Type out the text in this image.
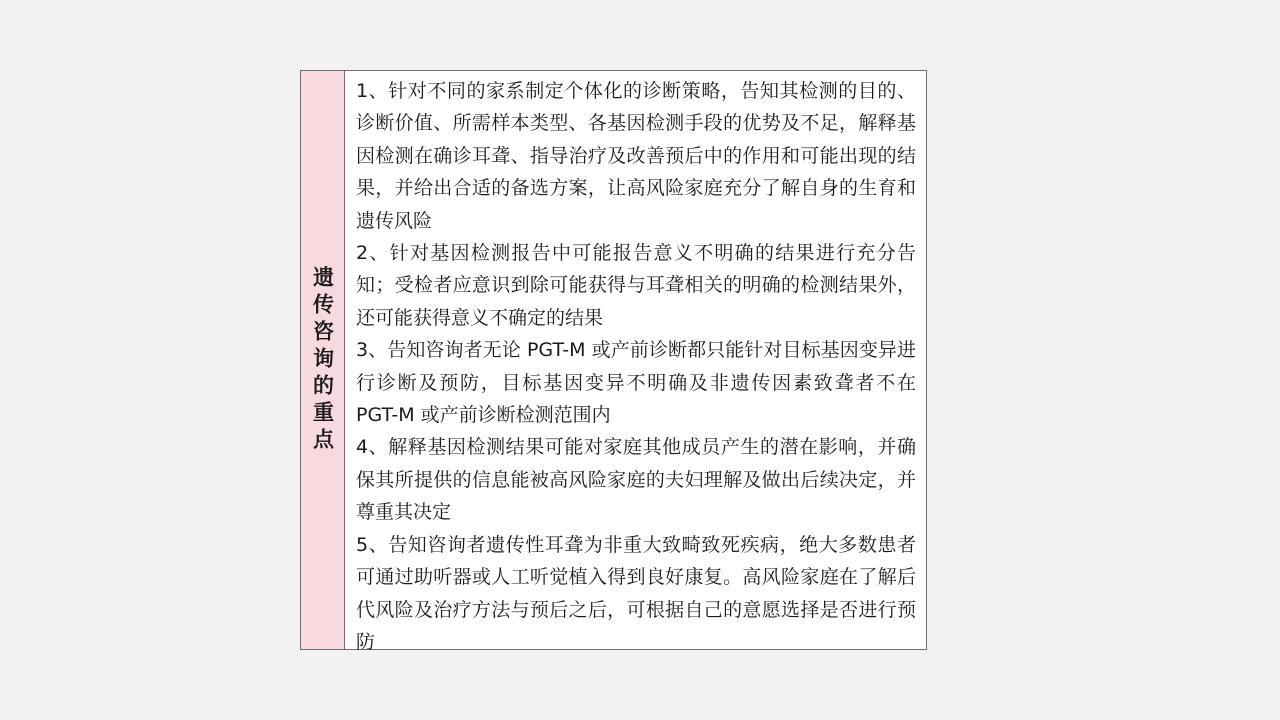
遗传咨询的重点

1、针对不同的家系制定个体化的诊断策略，告知其检测的目的、诊断价值、所需样本类型、各基因检测手段的优势及不足，解释基因检测在确诊耳聋、指导治疗及改善预后中的作用和可能出现的结果，并给出合适的备选方案，让高风险家庭充分了解自身的生育和遗传风险

2、针对基因检测报告中可能报告意义不明确的结果进行充分告知；受检者应意识到除可能获得与耳聋相关的明确的检测结果外，还可能获得意义不确定的结果

3、告知咨询者无论 PGT-M 或产前诊断都只能针对目标基因变异进行诊断及预防，目标基因变异不明确及非遗传因素致聋者不在 PGT-M 或产前诊断检测范围内

4、解释基因检测结果可能对家庭其他成员产生的潜在影响，并确保其所提供的信息能被高风险家庭的夫妇理解及做出后续决定，并尊重其决定

5、告知咨询者遗传性耳聋为非重大致畸致死疾病，绝大多数患者可通过助听器或人工听觉植入得到良好康复。高风险家庭在了解后代风险及治疗方法与预后之后，可根据自己的意愿选择是否进行预防
